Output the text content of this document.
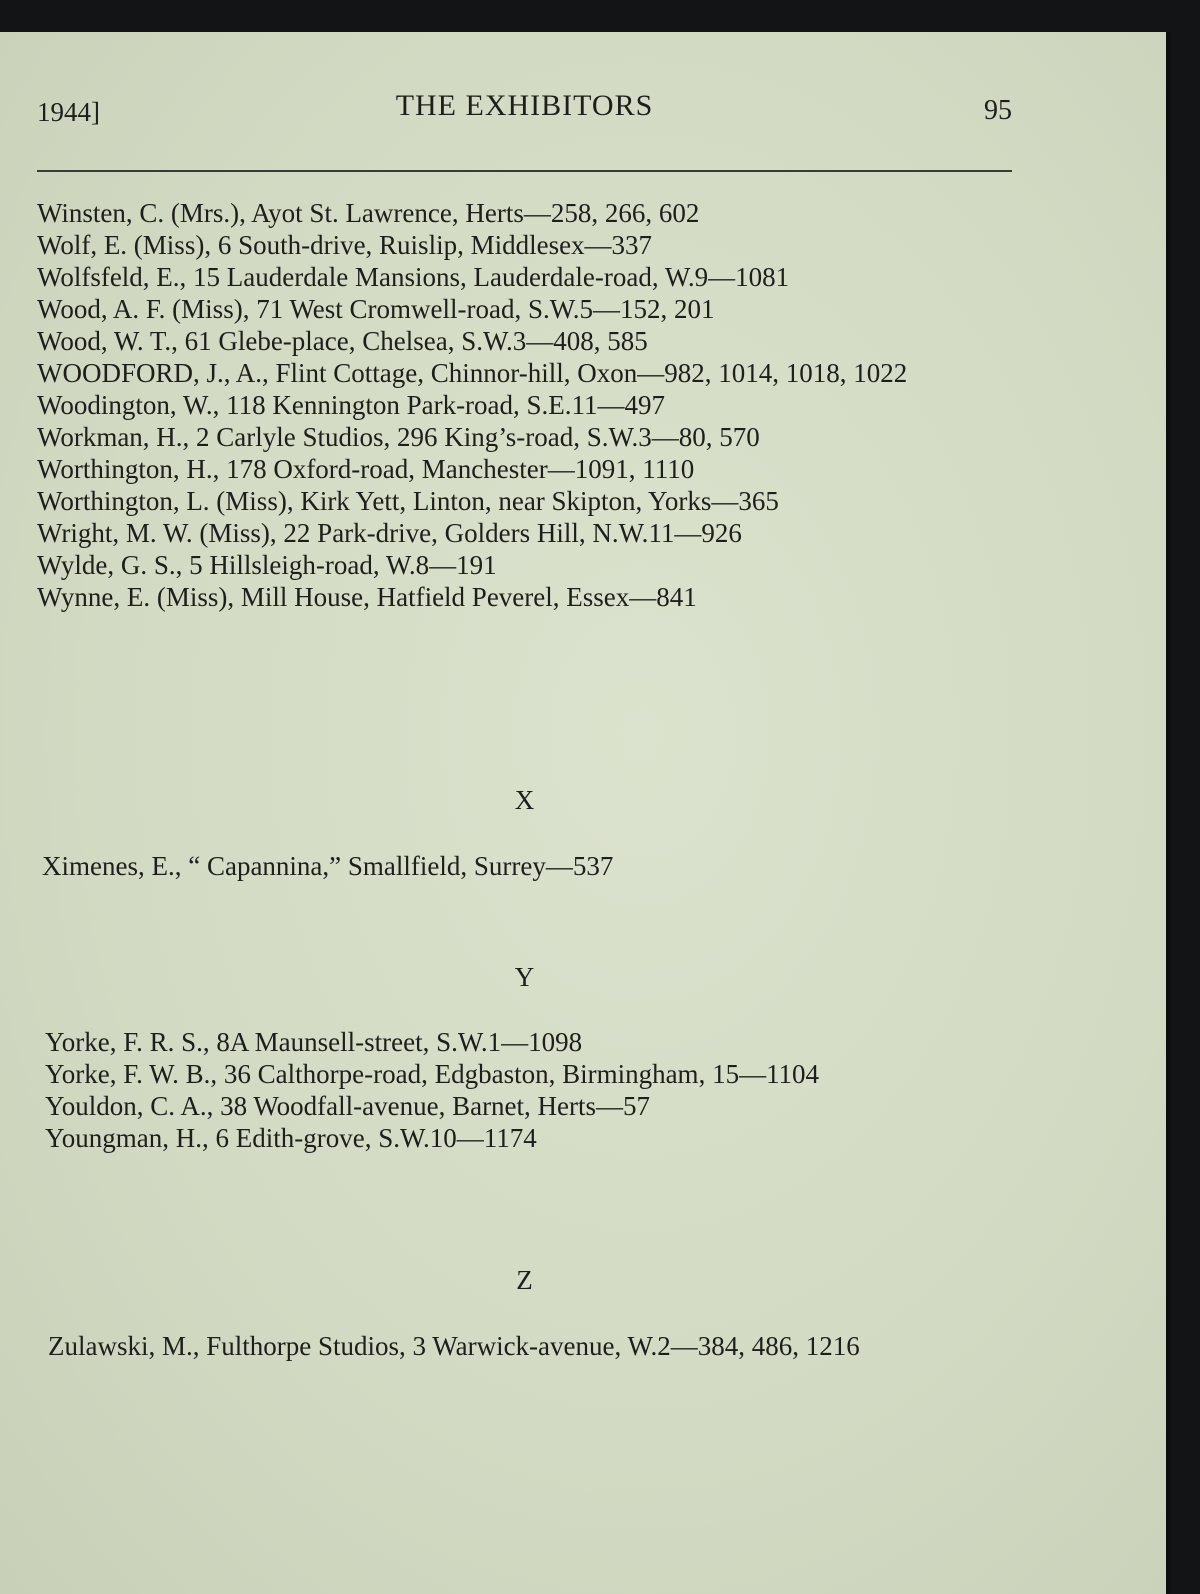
1944]	THE EXHIBITORS	95
Winsten, C. (Mrs.), Ayot St. Lawrence, Herts—258, 266, 602
Wolf, E. (Miss), 6 South-drive, Ruislip, Middlesex—337
Wolfsfeld, E., 15 Lauderdale Mansions, Lauderdale-road, W.9—1081
Wood, A. F. (Miss), 71 West Cromwell-road, S.W.5—152, 201
Wood, W. T., 61 Glebe-place, Chelsea, S.W.3—408, 585
WOODFORD, J., A., Flint Cottage, Chinnor-hill, Oxon—982, 1014, 1018, 1022
Woodington, W., 118 Kennington Park-road, S.E.11—497
Workman, H., 2 Carlyle Studios, 296 King’s-road, S.W.3—80, 570
Worthington, H., 178 Oxford-road, Manchester—1091, 1110
Worthington, L. (Miss), Kirk Yett, Linton, near Skipton, Yorks—365
Wright, M. W. (Miss), 22 Park-drive, Golders Hill, N.W.11—926
Wylde, G. S., 5 Hillsleigh-road, W.8—191
Wynne, E. (Miss), Mill House, Hatfield Peverel, Essex—841
X
Ximenes, E., “ Capannina,” Smallfield, Surrey—537
Y
Yorke, F. R. S., 8A Maunsell-street, S.W.1—1098
Yorke, F. W. B., 36 Calthorpe-road, Edgbaston, Birmingham, 15—1104
Youldon, C. A., 38 Woodfall-avenue, Barnet, Herts—57
Youngman, H., 6 Edith-grove, S.W.10—1174
Z
Zulawski, M., Fulthorpe Studios, 3 Warwick-avenue, W.2—384, 486, 1216
